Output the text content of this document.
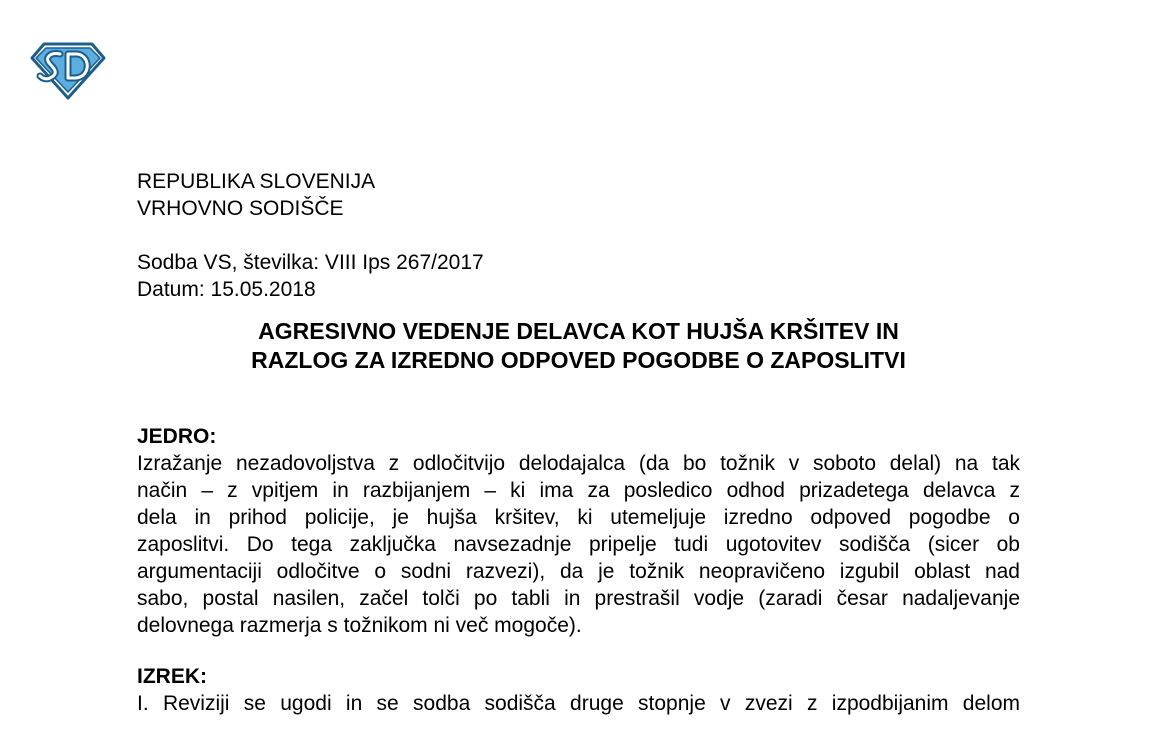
REPUBLIKA SLOVENIJA
VRHOVNO SODIŠČE
Sodba VS, številka: VIII Ips 267/2017
Datum: 15.05.2018
AGRESIVNO VEDENJE DELAVCA KOT HUJŠA KRŠITEV IN
RAZLOG ZA IZREDNO ODPOVED POGODBE O ZAPOSLITVI
JEDRO:
Izražanje nezadovoljstva z odločitvijo delodajalca (da bo tožnik v soboto delal) na tak
način – z vpitjem in razbijanjem – ki ima za posledico odhod prizadetega delavca z
dela in prihod policije, je hujša kršitev, ki utemeljuje izredno odpoved pogodbe o
zaposlitvi. Do tega zaključka navsezadnje pripelje tudi ugotovitev sodišča (sicer ob
argumentaciji odločitve o sodni razvezi), da je tožnik neopravičeno izgubil oblast nad
sabo, postal nasilen, začel tolči po tabli in prestrašil vodje (zaradi česar nadaljevanje
delovnega razmerja s tožnikom ni več mogoče).
IZREK:
I. Reviziji se ugodi in se sodba sodišča druge stopnje v zvezi z izpodbijanim delom
